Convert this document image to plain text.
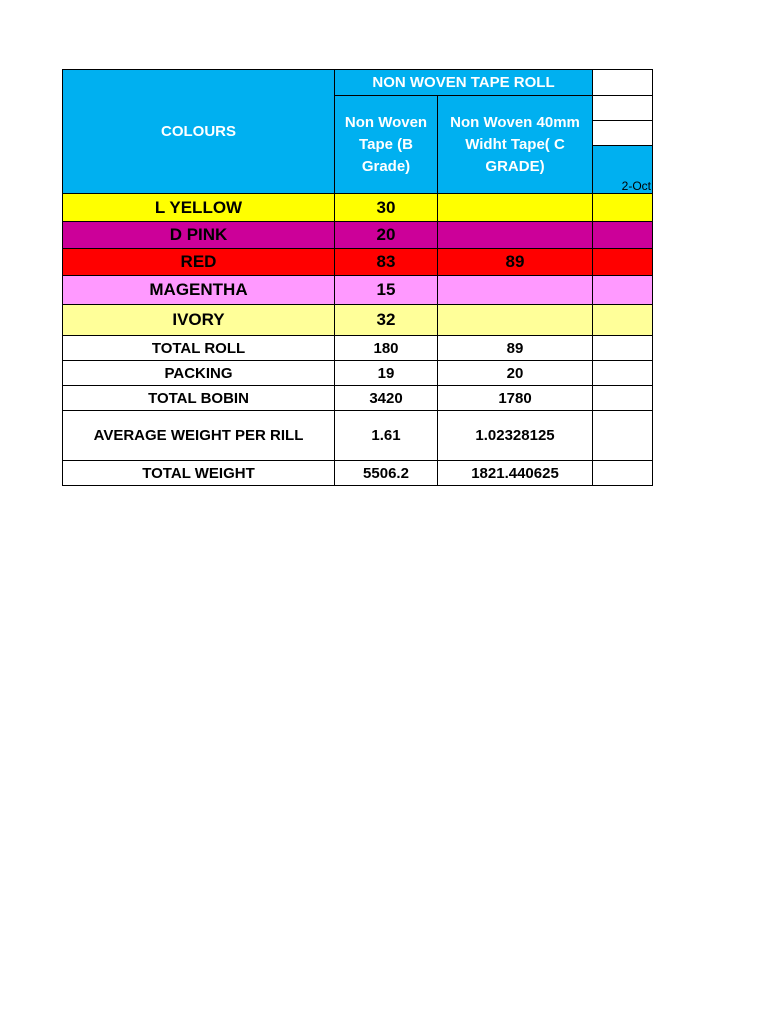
COLOURS	NON WOVEN TAPE ROLL		
	Non Woven Tape (B Grade)	Non Woven 40mm Widht Tape( C GRADE)	

			2-Oct
L YELLOW	30		
D PINK	20		
RED	83	89	
MAGENTHA	15		
IVORY	32		
TOTAL ROLL	180	89	
PACKING	19	20	
TOTAL BOBIN	3420	1780	
AVERAGE WEIGHT PER RILL	1.61	1.02328125	
TOTAL WEIGHT	5506.2	1821.440625	
